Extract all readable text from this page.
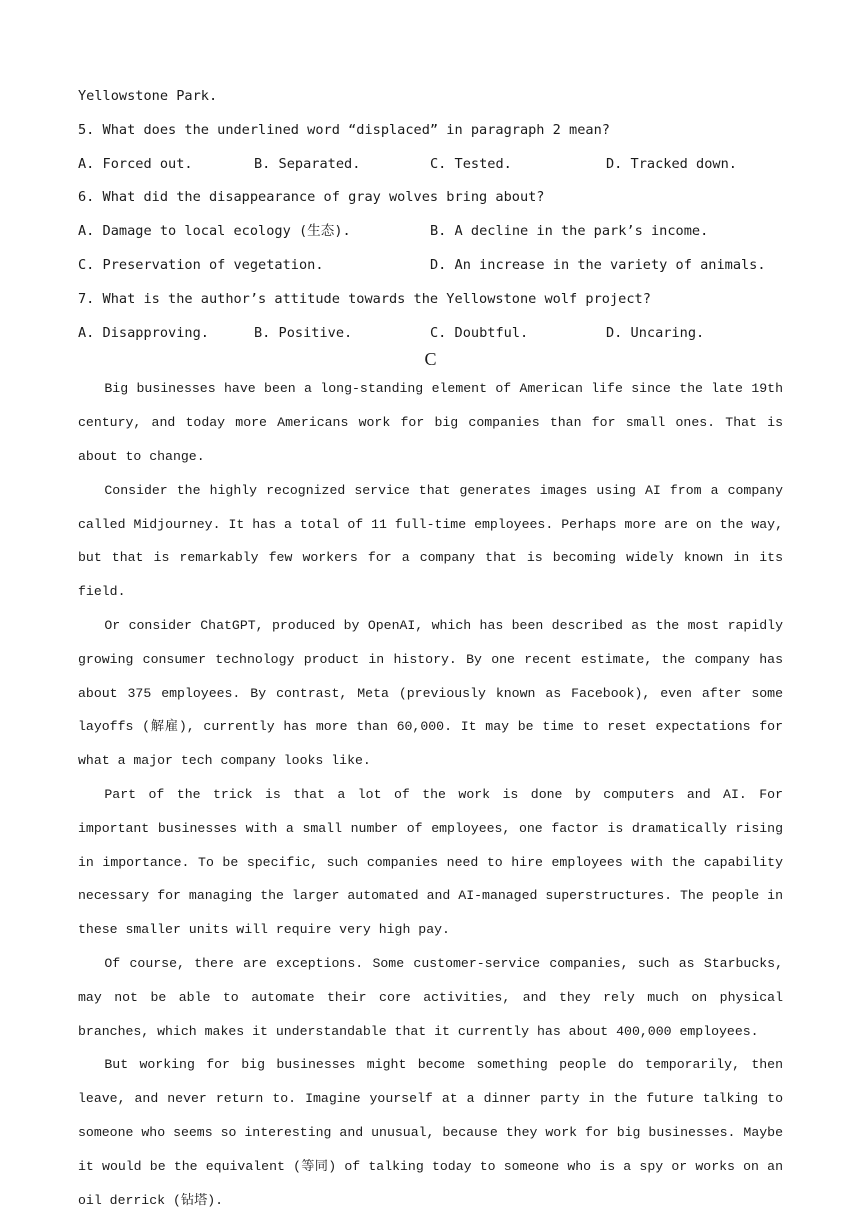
Yellowstone Park.
5. What does the underlined word “displaced” in paragraph 2 mean?
A. Forced out.	B. Separated.	C. Tested.	D. Tracked down.
6. What did the disappearance of gray wolves bring about?
A. Damage to local ecology (生态).	B. A decline in the park’s income.
C. Preservation of vegetation.	D. An increase in the variety of animals.
7. What is the author’s attitude towards the Yellowstone wolf project?
A. Disapproving.	B. Positive.	C. Doubtful.	D. Uncaring.
C

Big businesses have been a long-standing element of American life since the late 19th century, and today more Americans work for big companies than for small ones. That is about to change.

Consider the highly recognized service that generates images using AI from a company called Midjourney. It has a total of 11 full-time employees. Perhaps more are on the way, but that is remarkably few workers for a company that is becoming widely known in its field.

Or consider ChatGPT, produced by OpenAI, which has been described as the most rapidly growing consumer technology product in history. By one recent estimate, the company has about 375 employees. By contrast, Meta (previously known as Facebook), even after some layoffs (解雇), currently has more than 60,000. It may be time to reset expectations for what a major tech company looks like.

Part of the trick is that a lot of the work is done by computers and AI. For important businesses with a small number of employees, one factor is dramatically rising in importance. To be specific, such companies need to hire employees with the capability necessary for managing the larger automated and AI-managed superstructures. The people in these smaller units will require very high pay.

Of course, there are exceptions. Some customer-service companies, such as Starbucks, may not be able to automate their core activities, and they rely much on physical branches, which makes it understandable that it currently has about 400,000 employees.

But working for big businesses might become something people do temporarily, then leave, and never return to. Imagine yourself at a dinner party in the future talking to someone who seems so interesting and unusual, because they work for big businesses. Maybe it would be the equivalent (等同) of talking today to someone who is a spy or works on an oil derrick (钻塔).
